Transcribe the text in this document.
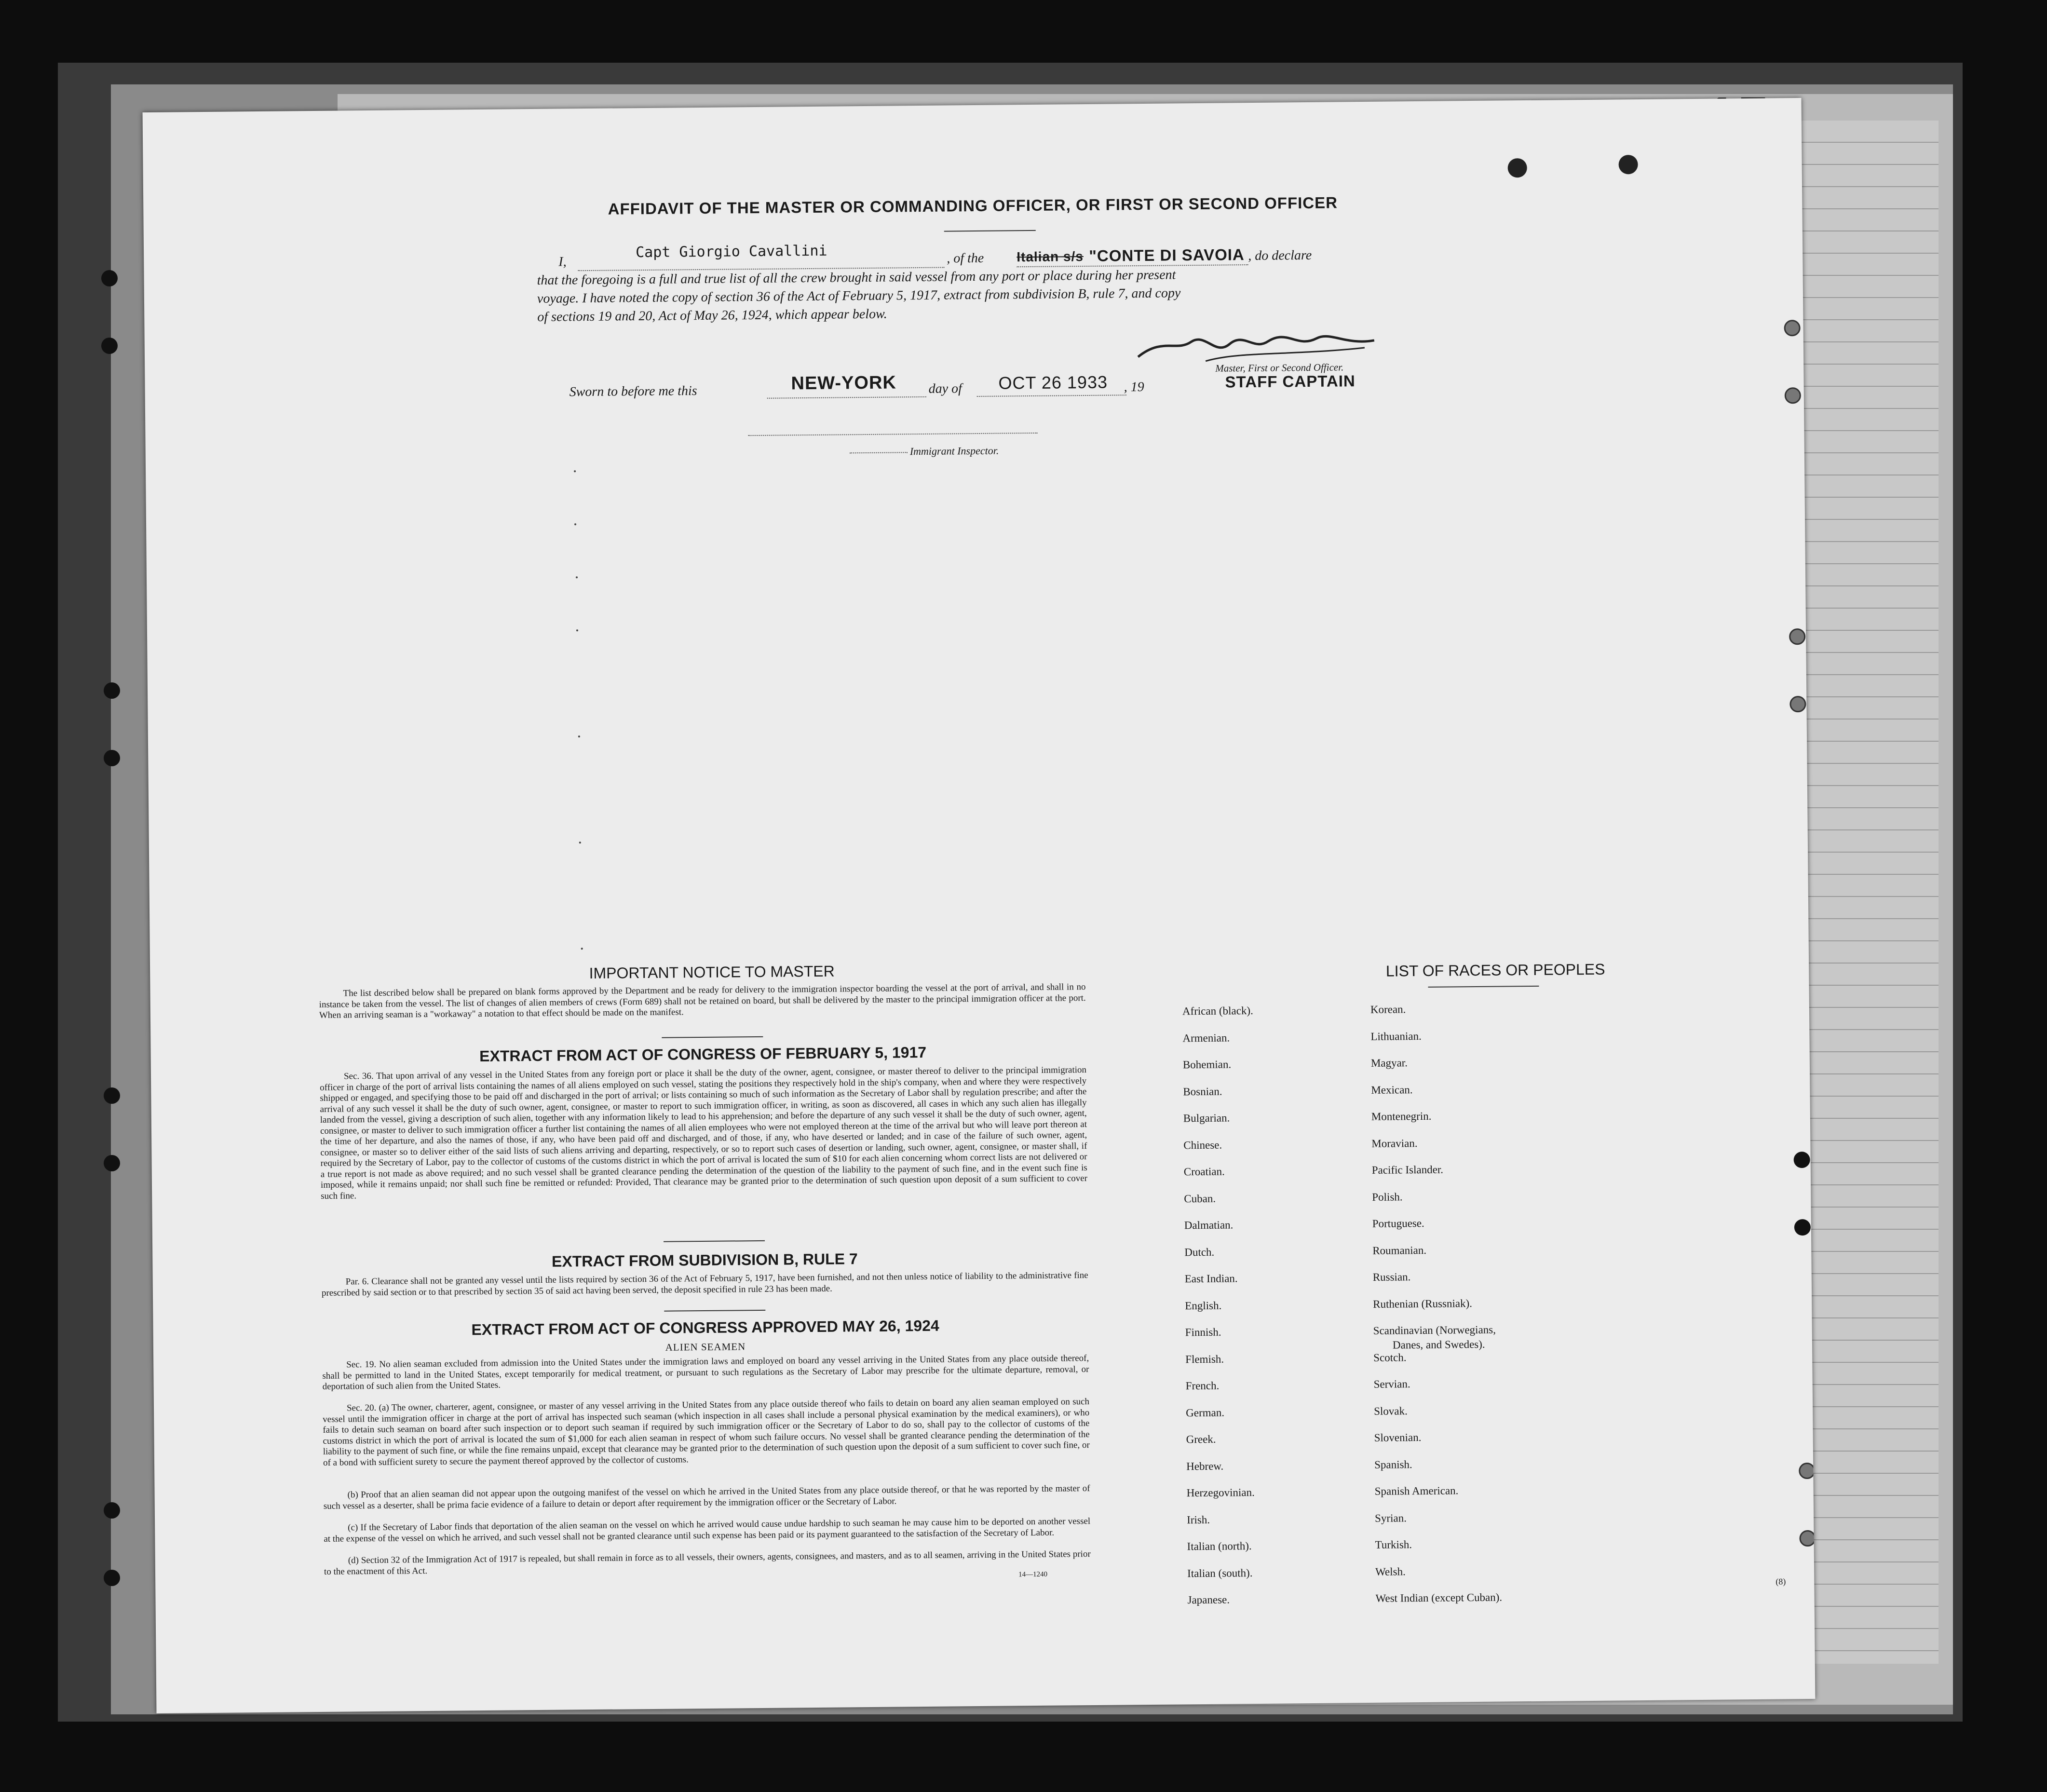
AFFIDAVIT OF THE MASTER OR COMMANDING OFFICER, OR FIRST OR SECOND OFFICER
I,
Capt Giorgio Cavallini	, of the Italian s/s "CONTE DI SAVOIA , do declare
that the foregoing is a full and true list of all the crew brought in said vessel from any port or place during her present
voyage. I have noted the copy of section 36 of the Act of February 5, 1917, extract from subdivision B, rule 7, and copy
of sections 19 and 20, Act of May 26, 1924, which appear below.
Master, First or Second Officer.
STAFF CAPTAIN
Sworn to before me this	NEW-YORK day of OCT 26 1933 , 19
Immigrant Inspector.
IMPORTANT NOTICE TO MASTER
The list described below shall be prepared on blank forms approved by the Department and be ready for delivery to the immigration inspector boarding the vessel at the port of arrival, and shall in no instance be taken from the vessel. The list of changes of alien members of crews (Form 689) shall not be retained on board, but shall be delivered by the master to the principal immigration officer at the port. When an arriving seaman is a "workaway" a notation to that effect should be made on the manifest.
EXTRACT FROM ACT OF CONGRESS OF FEBRUARY 5, 1917
Sec. 36. That upon arrival of any vessel in the United States from any foreign port or place it shall be the duty of the owner, agent, consignee, or master thereof to deliver to the principal immigration officer in charge of the port of arrival lists containing the names of all aliens employed on such vessel, stating the positions they respectively hold in the ship's company, when and where they were respectively shipped or engaged, and specifying those to be paid off and discharged in the port of arrival; or lists containing so much of such information as the Secretary of Labor shall by regulation prescribe; and after the arrival of any such vessel it shall be the duty of such owner, agent, consignee, or master to report to such immigration officer, in writing, as soon as discovered, all cases in which any such alien has illegally landed from the vessel, giving a description of such alien, together with any information likely to lead to his apprehension; and before the departure of any such vessel it shall be the duty of such owner, agent, consignee, or master to deliver to such immigration officer a further list containing the names of all alien employees who were not employed thereon at the time of the arrival but who will leave port thereon at the time of her departure, and also the names of those, if any, who have been paid off and discharged, and of those, if any, who have deserted or landed; and in case of the failure of such owner, agent, consignee, or master so to deliver either of the said lists of such aliens arriving and departing, respectively, or so to report such cases of desertion or landing, such owner, agent, consignee, or master shall, if required by the Secretary of Labor, pay to the collector of customs of the customs district in which the port of arrival is located the sum of $10 for each alien concerning whom correct lists are not delivered or a true report is not made as above required; and no such vessel shall be granted clearance pending the determination of the question of the liability to the payment of such fine, and in the event such fine is imposed, while it remains unpaid; nor shall such fine be remitted or refunded: Provided, That clearance may be granted prior to the determination of such question upon deposit of a sum sufficient to cover such fine.
EXTRACT FROM SUBDIVISION B, RULE 7
Par. 6. Clearance shall not be granted any vessel until the lists required by section 36 of the Act of February 5, 1917, have been furnished, and not then unless notice of liability to the administrative fine prescribed by said section or to that prescribed by section 35 of said act having been served, the deposit specified in rule 23 has been made.
EXTRACT FROM ACT OF CONGRESS APPROVED MAY 26, 1924
ALIEN SEAMEN
Sec. 19. No alien seaman excluded from admission into the United States under the immigration laws and employed on board any vessel arriving in the United States from any place outside thereof, shall be permitted to land in the United States, except temporarily for medical treatment, or pursuant to such regulations as the Secretary of Labor may prescribe for the ultimate departure, removal, or deportation of such alien from the United States.
Sec. 20. (a) The owner, charterer, agent, consignee, or master of any vessel arriving in the United States from any place outside thereof who fails to detain on board any alien seaman employed on such vessel until the immigration officer in charge at the port of arrival has inspected such seaman (which inspection in all cases shall include a personal physical examination by the medical examiners), or who fails to detain such seaman on board after such inspection or to deport such seaman if required by such immigration officer or the Secretary of Labor to do so, shall pay to the collector of customs of the customs district in which the port of arrival is located the sum of $1,000 for each alien seaman in respect of whom such failure occurs. No vessel shall be granted clearance pending the determination of the liability to the payment of such fine, or while the fine remains unpaid, except that clearance may be granted prior to the determination of such question upon the deposit of a sum sufficient to cover such fine, or of a bond with sufficient surety to secure the payment thereof approved by the collector of customs.
(b) Proof that an alien seaman did not appear upon the outgoing manifest of the vessel on which he arrived in the United States from any place outside thereof, or that he was reported by the master of such vessel as a deserter, shall be prima facie evidence of a failure to detain or deport after requirement by the immigration officer or the Secretary of Labor.
(c) If the Secretary of Labor finds that deportation of the alien seaman on the vessel on which he arrived would cause undue hardship to such seaman he may cause him to be deported on another vessel at the expense of the vessel on which he arrived, and such vessel shall not be granted clearance until such expense has been paid or its payment guaranteed to the satisfaction of the Secretary of Labor.
(d) Section 32 of the Immigration Act of 1917 is repealed, but shall remain in force as to all vessels, their owners, agents, consignees, and masters, and as to all seamen, arriving in the United States prior to the enactment of this Act.	14—1240
LIST OF RACES OR PEOPLES
African (black).
Armenian.
Bohemian.
Bosnian.
Bulgarian.
Chinese.
Croatian.
Cuban.
Dalmatian.
Dutch.
East Indian.
English.
Finnish.
Flemish.
French.
German.
Greek.
Hebrew.
Herzegovinian.
Irish.
Italian (north).
Italian (south).
Japanese.
Korean.
Lithuanian.
Magyar.
Mexican.
Montenegrin.
Moravian.
Pacific Islander.
Polish.
Portuguese.
Roumanian.
Russian.
Ruthenian (Russniak).
Scandinavian (Norwegians,
Danes, and Swedes).
Scotch.
Servian.
Slovak.
Slovenian.
Spanish.
Spanish American.
Syrian.
Turkish.
Welsh.
West Indian (except Cuban).
(8)
